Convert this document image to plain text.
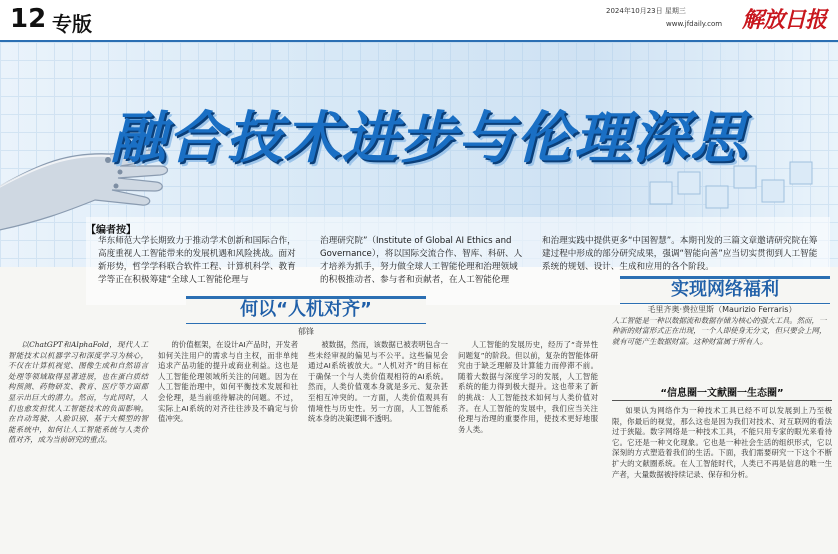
12 专版
2024年10月23日 星期三
www.jfdaily.com 解放日报
融合技术进步与伦理深思
【编者按】
华东师范大学长期致力于推动学术创新和国际合作，高度重视人工智能带来的发展机遇和风险挑战。面对新形势，哲学学科联合软件工程、计算机科学、教育学等正在积极筹建“全球人工智能伦理与
治理研究院”（Institute of Global AI Ethics and Governance），将以国际交流合作、智库、科研、人才培养为抓手，努力做全球人工智能伦理和治理领域的积极推动者、参与者和贡献者，在人工智能伦理
和治理实践中提供更多“中国智慧”。本期刊发的三篇文章邀请研究院在筹建过程中形成的部分研究成果，强调“智能向善”应当切实贯彻到人工智能系统的规划、设计、生成和应用的各个阶段。
何以“人机对齐”
郁锋

以ChatGPT和AlphaFold，现代人工智能技术以机器学习和深度学习为核心，不仅在计算机视觉、图像生成和自然语言处理等领域取得显著进展，也在蛋白质结构预测、药物研发、教育、医疗等方面都显示出巨大的潜力。然而，与此同时，人们也愈发担忧人工智能技术的负面影响。在自动驾驶、人脸识别、基于大模型的智能系统中，如何让人工智能系统与人类价值对齐，成为当前研究的重点。

的价值框架，在设计AI产品时，开发者如何关注用户的需求与自主权，而非单纯追求产品功能的提升或商业利益。这也是人工智能伦理领域所关注的问题。因为在人工智能治理中，如何平衡技术发展和社会伦理，是当前亟待解决的问题。不过，实际上AI系统的对齐往往涉及不确定与价值冲突。

被数据，然而，该数据已被表明包含一些未经审视的偏见与不公平。这些偏见会通过AI系统被放大。“人机对齐”的目标在于确保一个与人类价值观相符的AI系统。然而，人类价值观本身就是多元、复杂甚至相互冲突的。一方面，人类价值观具有情境性与历史性。另一方面，人工智能系统本身的决策逻辑不透明。

人工智能的发展历史，经历了“奇异性问题复”的阶段。但以前，复杂的智能体研究由于缺乏理解及计算能力而停滞不前。随着大数据与深度学习的发展，人工智能系统的能力得到极大提升。这也带来了新的挑战：人工智能技术如何与人类价值对齐。在人工智能的发展中，我们应当关注伦理与治理的重要作用，使技术更好地服务人类。

实现网络福利
毛里齐奥·费拉里斯（Maurizio Ferraris）
人工智能是一种以数据流和数据存储为核心的强大工具。然而，一种新的财富形式正在出现，一个人即使身无分文，但只要会上网，就有可能产生数据财富。这种财富属于所有人。
“信息圈一文献圈一生态圈”

如果认为网络作为一种技术工具已经不可以发展到上乃至极限，你最后的视觉，那么这也是因为我们对技术、对互联网的看法过于狭隘。数字网络是一种技术工具，不能只用专家的眼光来看待它。它还是一种文化现象。它也是一种社会生活的组织形式，它以深刻的方式塑造着我们的生活。下面，我们需要研究一下这个不断扩大的文献圈系统。在人工智能时代，人类已不再是信息的唯一生产者，大量数据被持续记录、保存和分析。
